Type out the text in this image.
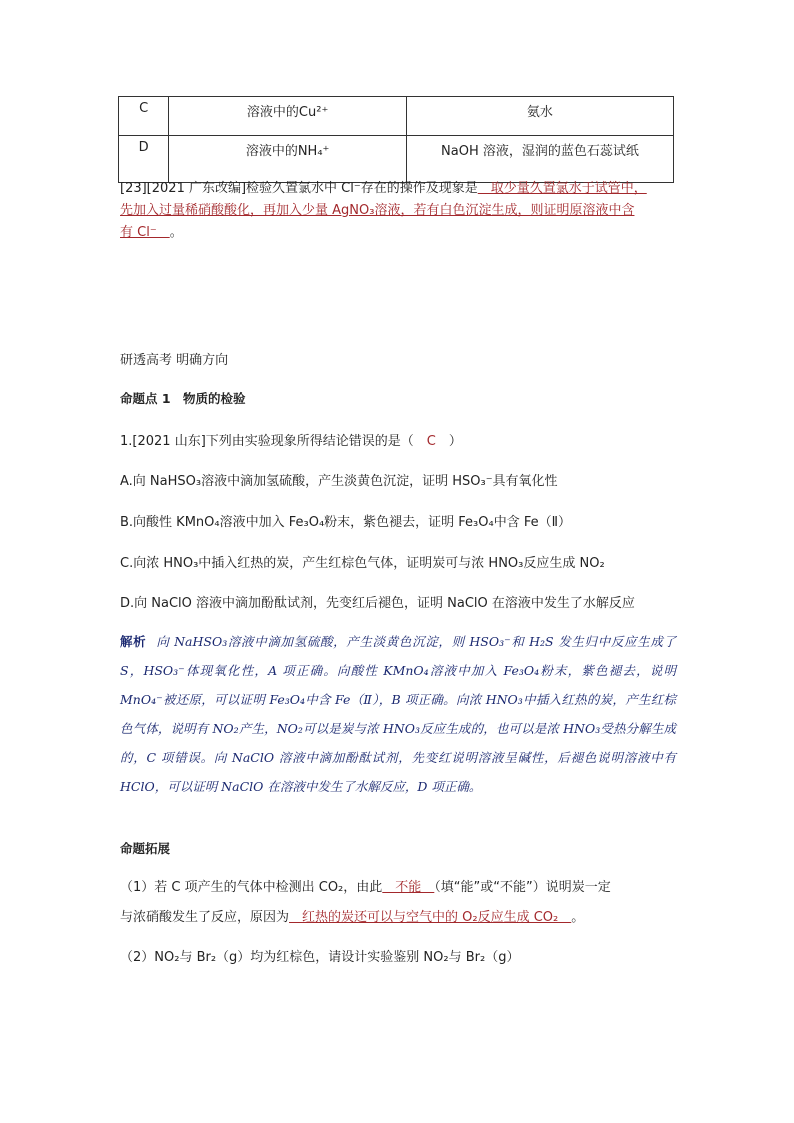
C	溶液中的Cu²⁺	氨水
D	溶液中的NH₄⁺	NaOH 溶液，湿润的蓝色石蕊试纸
[23][2021 广东改编]检验久置氯水中 Cl⁻存在的操作及现象是　取少量久置氯水于试管中，
先加入过量稀硝酸酸化，再加入少量 AgNO₃溶液，若有白色沉淀生成，则证明原溶液中含
有 Cl⁻　。
研透高考 明确方向
命题点 1　物质的检验
1.[2021 山东]下列由实验现象所得结论错误的是（　C　）
A.向 NaHSO₃溶液中滴加氢硫酸，产生淡黄色沉淀，证明 HSO₃⁻具有氧化性
B.向酸性 KMnO₄溶液中加入 Fe₃O₄粉末，紫色褪去，证明 Fe₃O₄中含 Fe（Ⅱ）
C.向浓 HNO₃中插入红热的炭，产生红棕色气体，证明炭可与浓 HNO₃反应生成 NO₂
D.向 NaClO 溶液中滴加酚酞试剂，先变红后褪色，证明 NaClO 在溶液中发生了水解反应
解析 向 NaHSO₃溶液中滴加氢硫酸，产生淡黄色沉淀，则 HSO₃⁻和 H₂S 发生归中反应生成了 S，HSO₃⁻体现氧化性，A 项正确。向酸性 KMnO₄溶液中加入 Fe₃O₄粉末，紫色褪去，说明 MnO₄⁻被还原，可以证明 Fe₃O₄中含 Fe（Ⅱ），B 项正确。向浓 HNO₃中插入红热的炭，产生红棕色气体，说明有 NO₂产生，NO₂可以是炭与浓 HNO₃反应生成的，也可以是浓 HNO₃受热分解生成的，C 项错误。向 NaClO 溶液中滴加酚酞试剂，先变红说明溶液呈碱性，后褪色说明溶液中有 HClO，可以证明 NaClO 在溶液中发生了水解反应，D 项正确。
命题拓展
（1）若 C 项产生的气体中检测出 CO₂，由此　不能　（填“能”或“不能”）说明炭一定
与浓硝酸发生了反应，原因为　红热的炭还可以与空气中的 O₂反应生成 CO₂　。
（2）NO₂与 Br₂（g）均为红棕色，请设计实验鉴别 NO₂与 Br₂（g）
